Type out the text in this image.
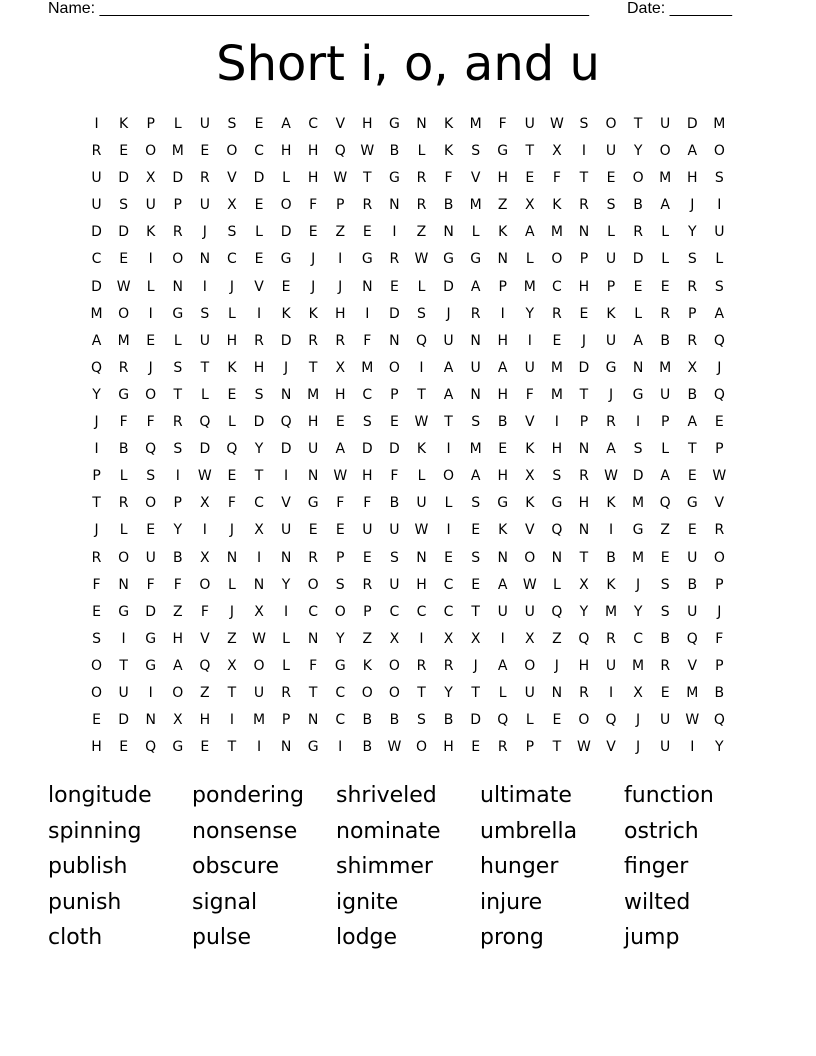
Name: _______________________________________________________ Date: _______
Short i, o, and u
I	K	P	L	U	S	E	A	C	V	H	G	N	K	M	F	U	W	S	O	T	U	D	M
R	E	O	M	E	O	C	H	H	Q	W	B	L	K	S	G	T	X	I	U	Y	O	A	O
U	D	X	D	R	V	D	L	H	W	T	G	R	F	V	H	E	F	T	E	O	M	H	S
U	S	U	P	U	X	E	O	F	P	R	N	R	B	M	Z	X	K	R	S	B	A	J	I
D	D	K	R	J	S	L	D	E	Z	E	I	Z	N	L	K	A	M	N	L	R	L	Y	U
C	E	I	O	N	C	E	G	J	I	G	R	W	G	G	N	L	O	P	U	D	L	S	L
D	W	L	N	I	J	V	E	J	J	N	E	L	D	A	P	M	C	H	P	E	E	R	S
M	O	I	G	S	L	I	K	K	H	I	D	S	J	R	I	Y	R	E	K	L	R	P	A
A	M	E	L	U	H	R	D	R	R	F	N	Q	U	N	H	I	E	J	U	A	B	R	Q
Q	R	J	S	T	K	H	J	T	X	M	O	I	A	U	A	U	M	D	G	N	M	X	J
Y	G	O	T	L	E	S	N	M	H	C	P	T	A	N	H	F	M	T	J	G	U	B	Q
J	F	F	R	Q	L	D	Q	H	E	S	E	W	T	S	B	V	I	P	R	I	P	A	E
I	B	Q	S	D	Q	Y	D	U	A	D	D	K	I	M	E	K	H	N	A	S	L	T	P
P	L	S	I	W	E	T	I	N	W	H	F	L	O	A	H	X	S	R	W	D	A	E	W
T	R	O	P	X	F	C	V	G	F	F	B	U	L	S	G	K	G	H	K	M	Q	G	V
J	L	E	Y	I	J	X	U	E	E	U	U	W	I	E	K	V	Q	N	I	G	Z	E	R
R	O	U	B	X	N	I	N	R	P	E	S	N	E	S	N	O	N	T	B	M	E	U	O
F	N	F	F	O	L	N	Y	O	S	R	U	H	C	E	A	W	L	X	K	J	S	B	P
E	G	D	Z	F	J	X	I	C	O	P	C	C	C	T	U	U	Q	Y	M	Y	S	U	J
S	I	G	H	V	Z	W	L	N	Y	Z	X	I	X	X	I	X	Z	Q	R	C	B	Q	F
O	T	G	A	Q	X	O	L	F	G	K	O	R	R	J	A	O	J	H	U	M	R	V	P
O	U	I	O	Z	T	U	R	T	C	O	O	T	Y	T	L	U	N	R	I	X	E	M	B
E	D	N	X	H	I	M	P	N	C	B	B	S	B	D	Q	L	E	O	Q	J	U	W	Q
H	E	Q	G	E	T	I	N	G	I	B	W	O	H	E	R	P	T	W	V	J	U	I	Y
longitude	pondering	shriveled	ultimate	function
spinning	nonsense	nominate	umbrella	ostrich
publish	obscure	shimmer	hunger	finger
punish	signal	ignite	injure	wilted
cloth	pulse	lodge	prong	jump
